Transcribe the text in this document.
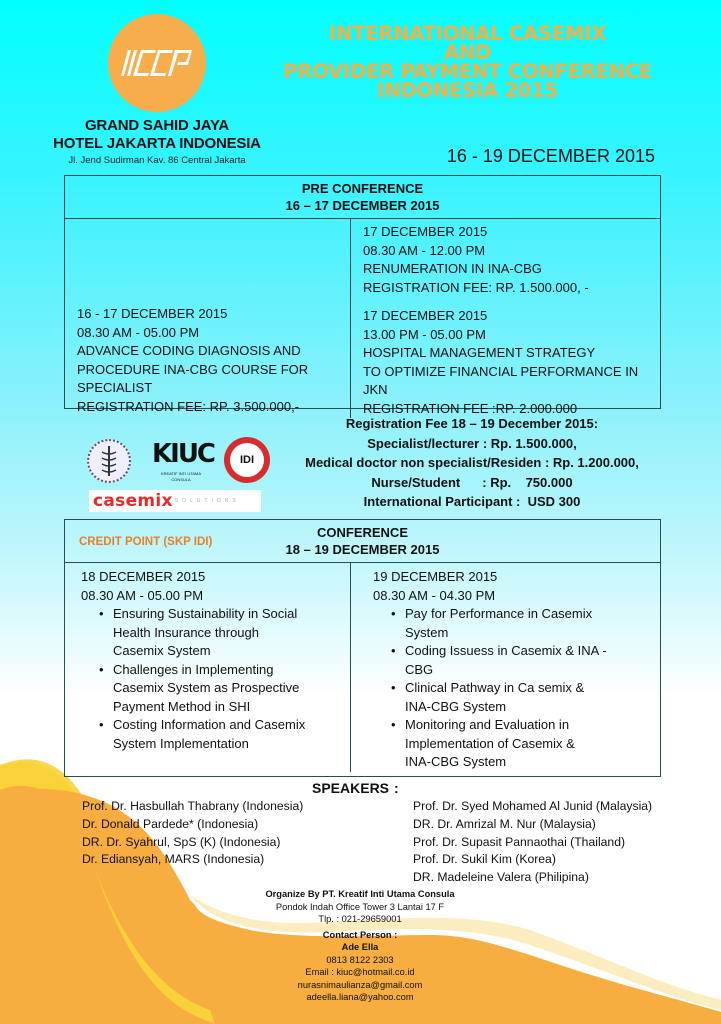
GRAND SAHID JAYA
HOTEL JAKARTA INDONESIA
Jl. Jend Sudirman Kav. 86 Central Jakarta
INTERNATIONAL CASEMIX
AND
PROVIDER PAYMENT CONFERENCE
INDONESIA 2015
16 - 19 DECEMBER 2015
PRE CONFERENCE
16 – 17 DECEMBER 2015
16 - 17 DECEMBER 2015
08.30 AM - 05.00 PM
ADVANCE CODING DIAGNOSIS AND
PROCEDURE INA-CBG COURSE FOR
SPECIALIST
REGISTRATION FEE: RP. 3.500.000,-
17 DECEMBER 2015
08.30 AM - 12.00 PM
RENUMERATION IN INA-CBG
REGISTRATION FEE: RP. 1.500.000, -
17 DECEMBER 2015
13.00 PM - 05.00 PM
HOSPITAL MANAGEMENT STRATEGY
TO OPTIMIZE FINANCIAL PERFORMANCE IN JKN
REGISTRATION FEE :RP. 2.000.000
KIUC
KREATIF INTI UTAMA CONSULA
IDI
casemix SOLUTIONS
Registration Fee 18 – 19 December 2015:
Specialist/lecturer : Rp. 1.500.000,
Medical doctor non specialist/Residen : Rp. 1.200.000,
Nurse/Student : Rp.    750.000
International Participant :  USD 300
CREDIT POINT (SKP IDI)
CONFERENCE
18 – 19 DECEMBER 2015
18 DECEMBER 2015
08.30 AM - 05.00 PM
• Ensuring Sustainability in Social
Health Insurance through
Casemix System
• Challenges in Implementing
Casemix System as Prospective
Payment Method in SHI
• Costing Information and Casemix
System Implementation
19 DECEMBER 2015
08.30 AM - 04.30 PM
• Pay for Performance in Casemix
System
• Coding Issuess in Casemix & INA -
CBG
• Clinical Pathway in Ca semix &
INA-CBG System
• Monitoring and Evaluation in
Implementation of Casemix &
INA-CBG System
SPEAKERS :
Prof. Dr. Hasbullah Thabrany (Indonesia)
Dr. Donald Pardede* (Indonesia)
DR. Dr. Syahrul, SpS (K) (Indonesia)
Dr. Ediansyah, MARS (Indonesia)
Prof. Dr. Syed Mohamed Al Junid (Malaysia)
DR. Dr. Amrizal M. Nur (Malaysia)
Prof. Dr. Supasit Pannaothai (Thailand)
Prof. Dr. Sukil Kim (Korea)
DR. Madeleine Valera (Philipina)
Organize By PT. Kreatif Inti Utama Consula
Pondok Indah Office Tower 3 Lantai 17 F
Tlp. : 021-29659001
Contact Person :
Ade Ella
0813 8122 2303
Email : kiuc@hotmail.co.id
nurasnimaulianza@gmail.com
adeella.liana@yahoo.com
